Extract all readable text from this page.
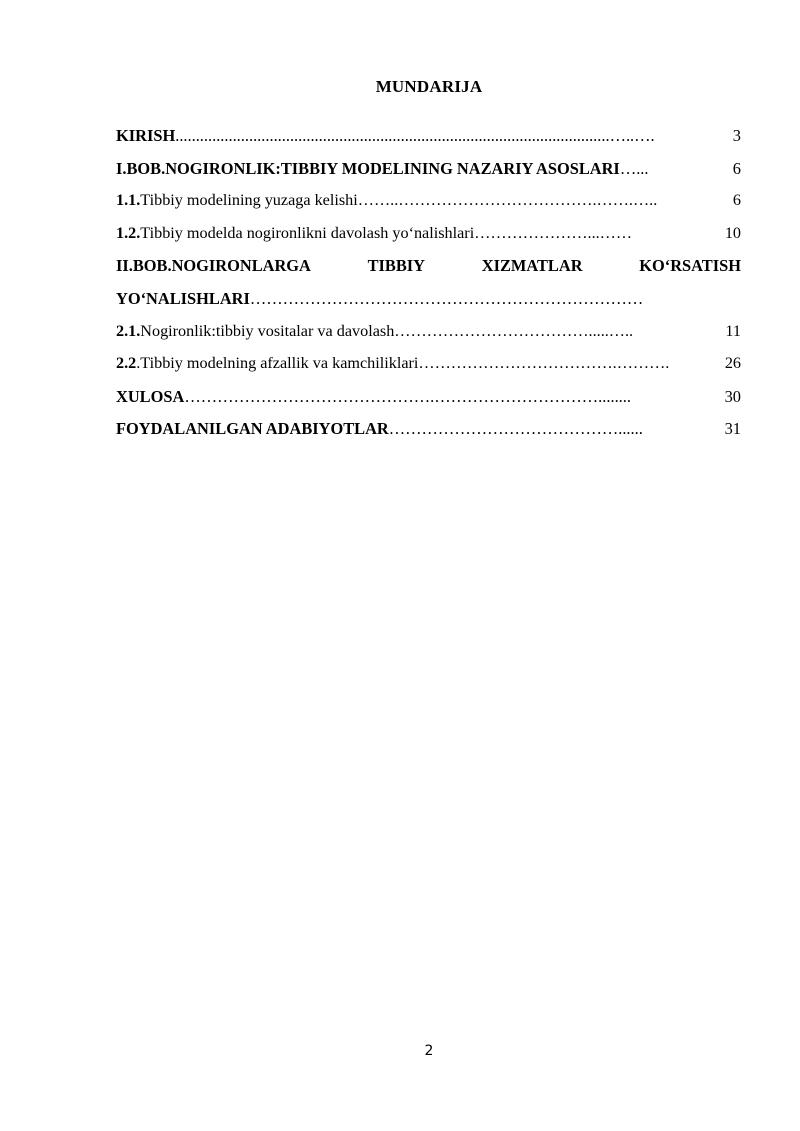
MUNDARIJA
KIRISH ..........................................................................................................…..….	3
I.BOB.NOGIRONLIK:TIBBIY MODELINING NAZARIY ASOSLARI …...	6
1.1. Tibbiy modelining yuzaga kelishi ……..……………………………….…….…..	6
1.2. Tibbiy modelda nogironlikni davolash yo‘nalishlari …………………...……	10
II.BOB.NOGIRONLARGA	TIBBIY	XIZMATLAR	KO‘RSATISH
YO‘NALISHLARI ………………………………………………………………
2.1. Nogironlik:tibbiy vositalar va davolash ……………………………….....…..	11
2.2 .Tibbiy modelning afzallik va kamchiliklari ……………………………….……….	26
XULOSA ……………………………………….…………………………........	30
FOYDALANILGAN ADABIYOTLAR ……………………………………......	31
2
